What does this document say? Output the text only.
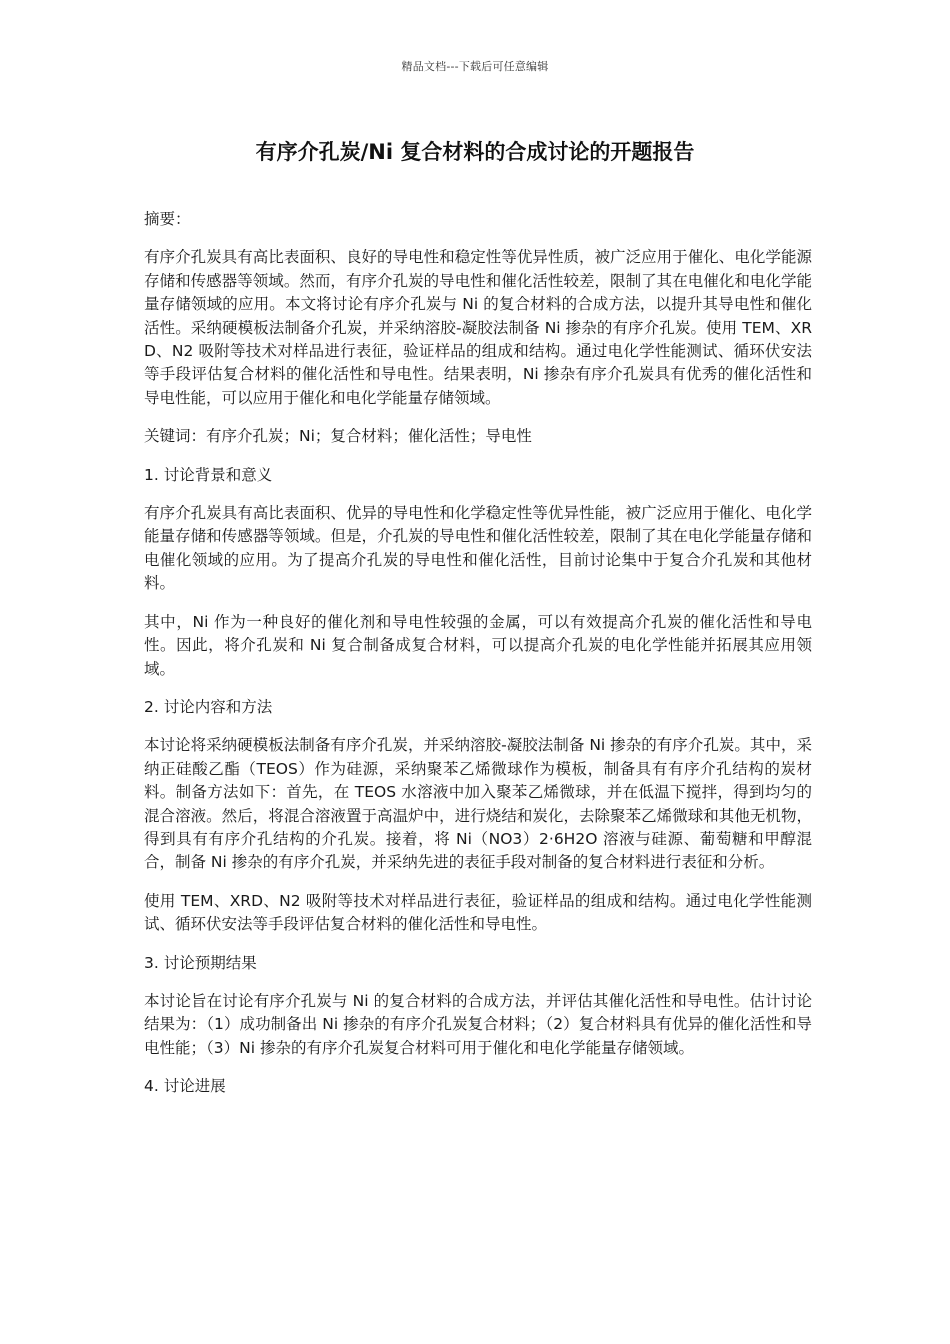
精品文档---下载后可任意编辑
有序介孔炭/Ni 复合材料的合成讨论的开题报告

摘要：

有序介孔炭具有高比表面积、良好的导电性和稳定性等优异性质，被广泛应用于催化、电化学能源存储和传感器等领域。然而，有序介孔炭的导电性和催化活性较差，限制了其在电催化和电化学能量存储领域的应用。本文将讨论有序介孔炭与 Ni 的复合材料的合成方法，以提升其导电性和催化活性。采纳硬模板法制备介孔炭，并采纳溶胶-凝胶法制备 Ni 掺杂的有序介孔炭。使用 TEM、XRD、N2 吸附等技术对样品进行表征，验证样品的组成和结构。通过电化学性能测试、循环伏安法等手段评估复合材料的催化活性和导电性。结果表明，Ni 掺杂有序介孔炭具有优秀的催化活性和导电性能，可以应用于催化和电化学能量存储领域。

关键词：有序介孔炭；Ni；复合材料；催化活性；导电性

1. 讨论背景和意义

有序介孔炭具有高比表面积、优异的导电性和化学稳定性等优异性能，被广泛应用于催化、电化学能量存储和传感器等领域。但是，介孔炭的导电性和催化活性较差，限制了其在电化学能量存储和电催化领域的应用。为了提高介孔炭的导电性和催化活性，目前讨论集中于复合介孔炭和其他材料。

其中，Ni 作为一种良好的催化剂和导电性较强的金属，可以有效提高介孔炭的催化活性和导电性。因此，将介孔炭和 Ni 复合制备成复合材料，可以提高介孔炭的电化学性能并拓展其应用领域。

2. 讨论内容和方法

本讨论将采纳硬模板法制备有序介孔炭，并采纳溶胶-凝胶法制备 Ni 掺杂的有序介孔炭。其中，采纳正硅酸乙酯（TEOS）作为硅源，采纳聚苯乙烯微球作为模板，制备具有有序介孔结构的炭材料。制备方法如下：首先，在 TEOS 水溶液中加入聚苯乙烯微球，并在低温下搅拌，得到均匀的混合溶液。然后，将混合溶液置于高温炉中，进行烧结和炭化，去除聚苯乙烯微球和其他无机物，得到具有有序介孔结构的介孔炭。接着，将 Ni（NO3）2·6H2O 溶液与硅源、葡萄糖和甲醇混合，制备 Ni 掺杂的有序介孔炭，并采纳先进的表征手段对制备的复合材料进行表征和分析。

使用 TEM、XRD、N2 吸附等技术对样品进行表征，验证样品的组成和结构。通过电化学性能测试、循环伏安法等手段评估复合材料的催化活性和导电性。

3. 讨论预期结果

本讨论旨在讨论有序介孔炭与 Ni 的复合材料的合成方法，并评估其催化活性和导电性。估计讨论结果为：（1）成功制备出 Ni 掺杂的有序介孔炭复合材料；（2）复合材料具有优异的催化活性和导电性能；（3）Ni 掺杂的有序介孔炭复合材料可用于催化和电化学能量存储领域。

4. 讨论进展
